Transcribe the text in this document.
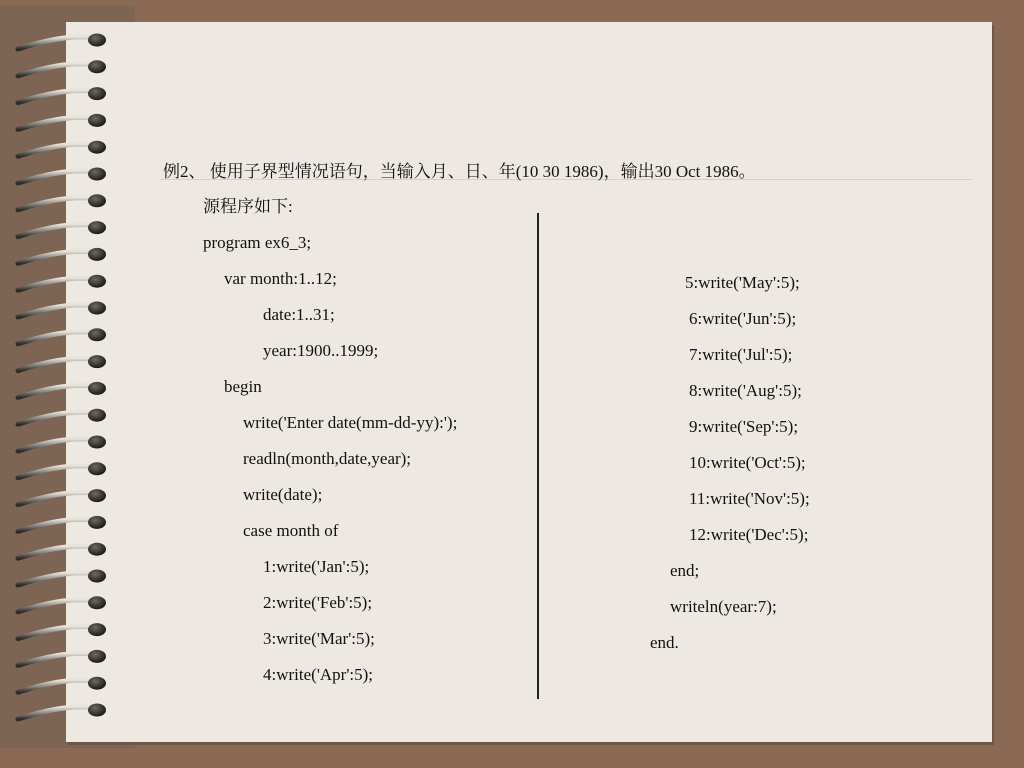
例2、 使用子界型情况语句，当输入月、日、年(10 30 1986)，输出30 Oct 1986。
源程序如下:
program ex6_3;
var month:1..12;
date:1..31;
year:1900..1999;
begin
write('Enter date(mm-dd-yy):');
readln(month,date,year);
write(date);
case month of
1:write('Jan':5);
2:write('Feb':5);
3:write('Mar':5);
4:write('Apr':5);
5:write('May':5);
6:write('Jun':5);
7:write('Jul':5);
8:write('Aug':5);
9:write('Sep':5);
10:write('Oct':5);
11:write('Nov':5);
12:write('Dec':5);
end;
writeln(year:7);
end.
